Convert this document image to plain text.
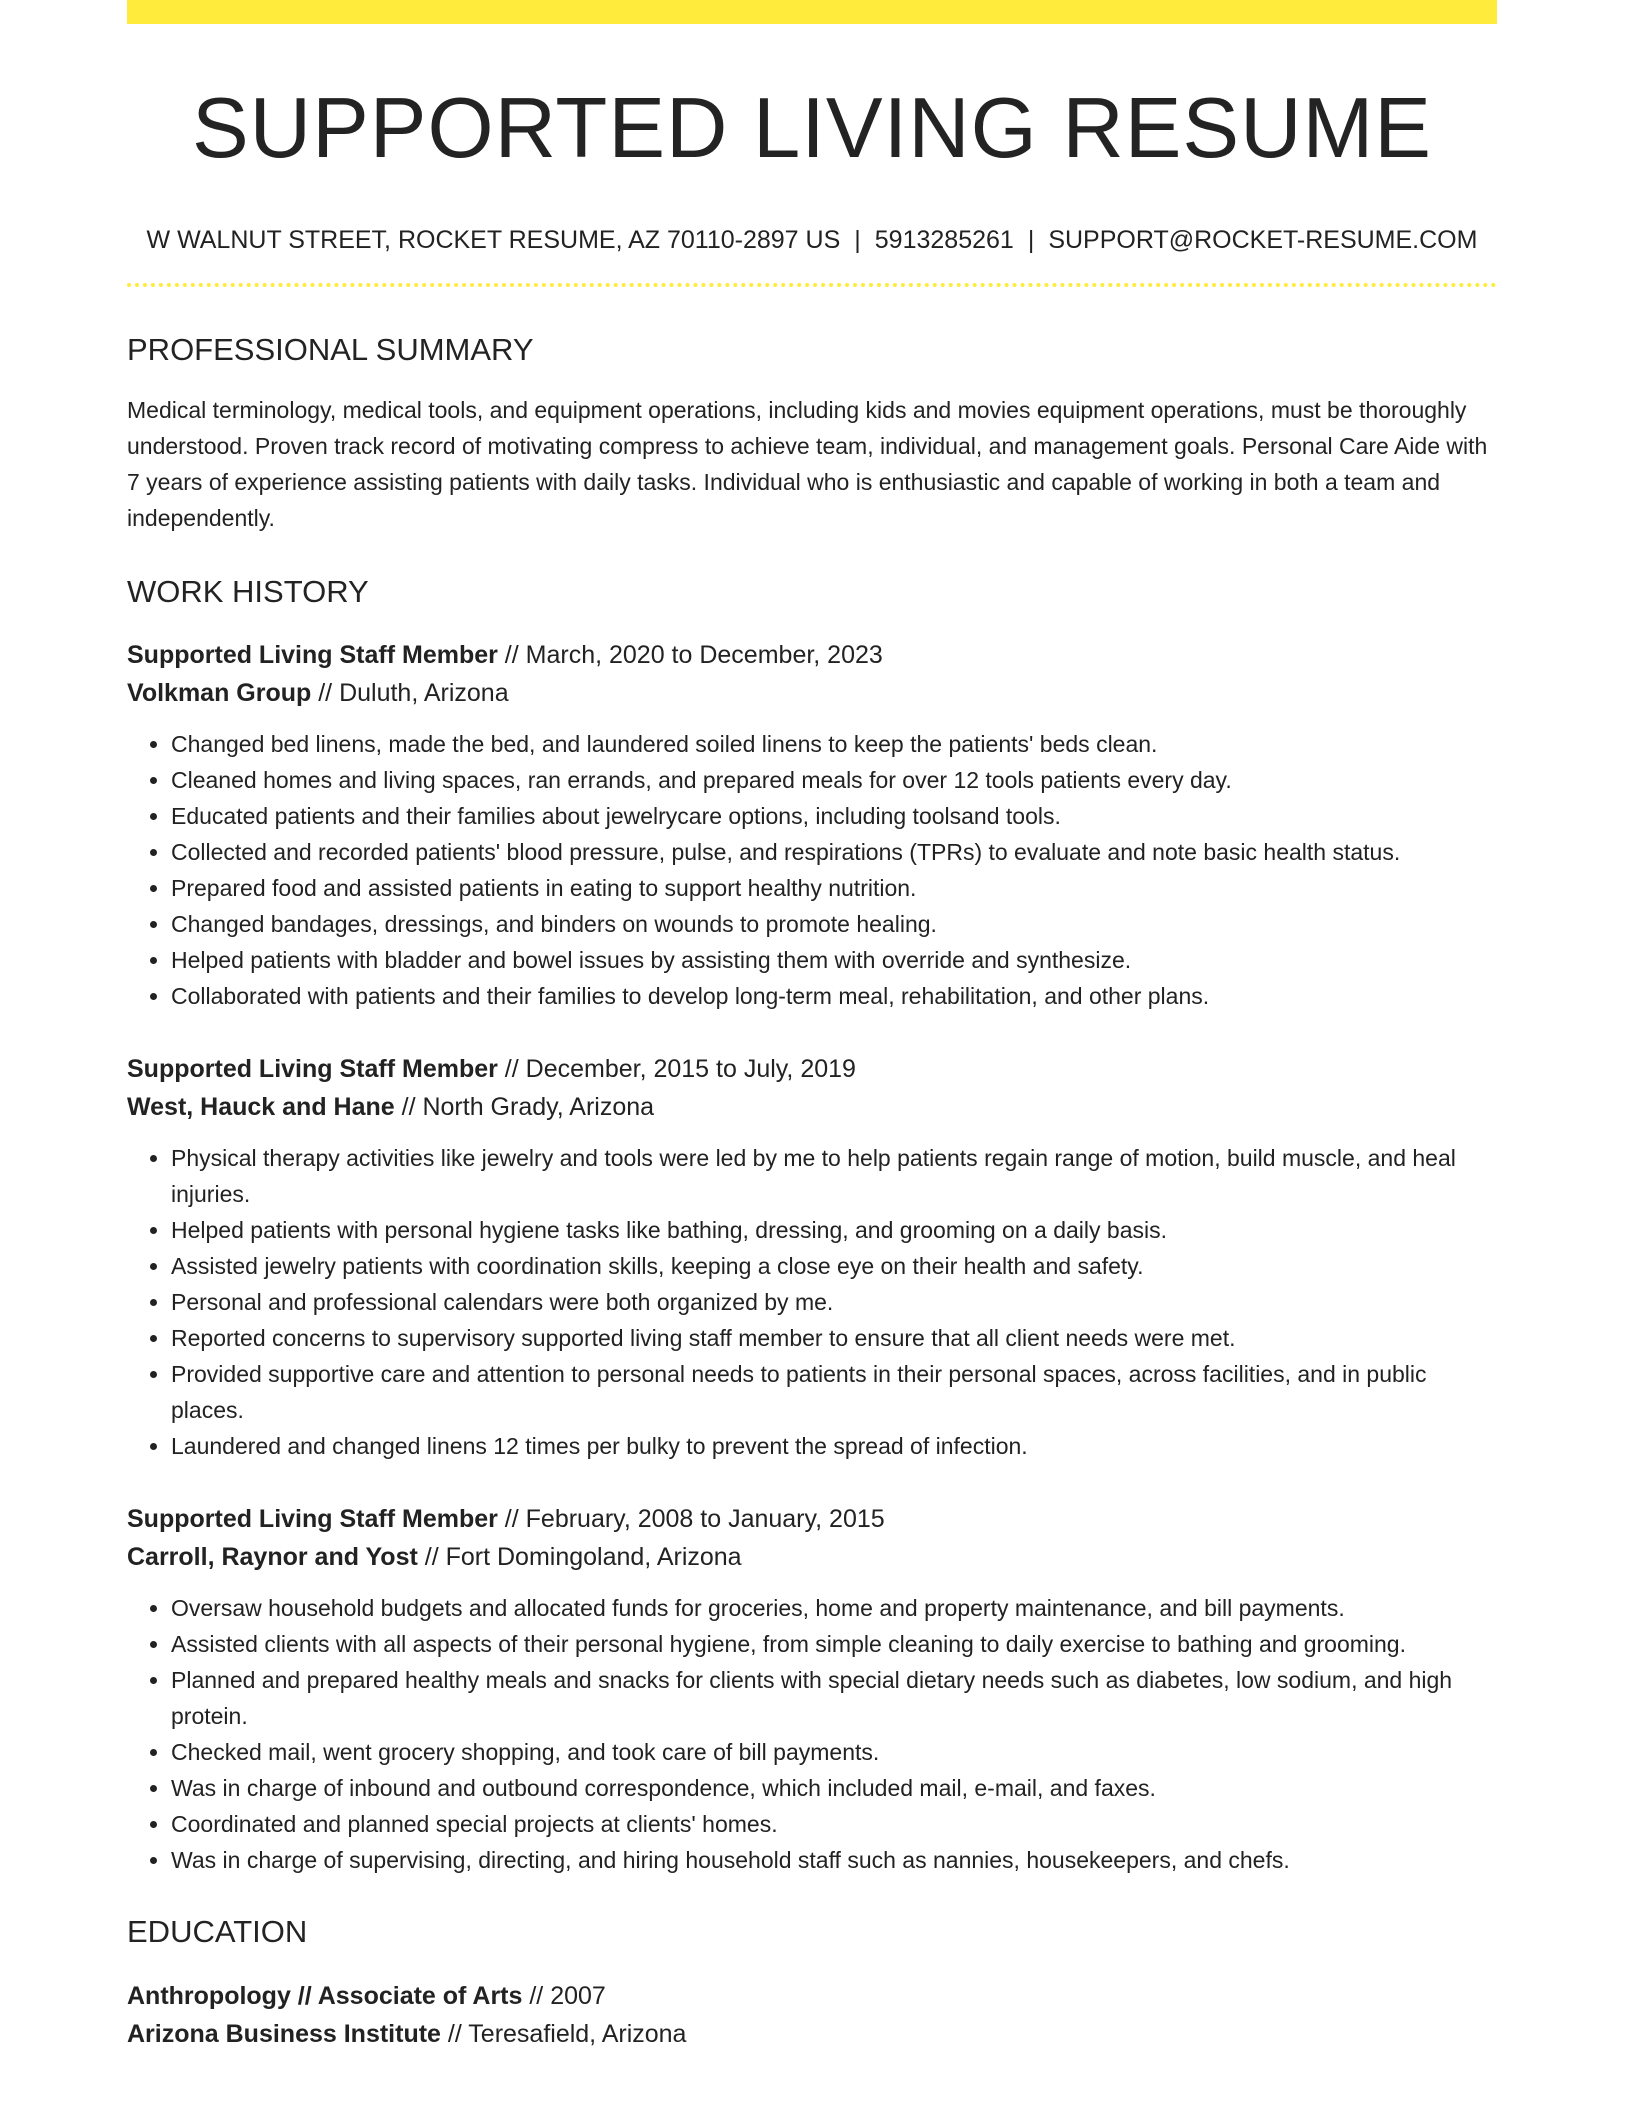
SUPPORTED LIVING RESUME
W WALNUT STREET, ROCKET RESUME, AZ 70110-2897 US | 5913285261 | SUPPORT@ROCKET-RESUME.COM
PROFESSIONAL SUMMARY

Medical terminology, medical tools, and equipment operations, including kids and movies equipment operations, must be thoroughly understood. Proven track record of motivating compress to achieve team, individual, and management goals. Personal Care Aide with 7 years of experience assisting patients with daily tasks. Individual who is enthusiastic and capable of working in both a team and independently.

WORK HISTORY
Supported Living Staff Member // March, 2020 to December, 2023
Volkman Group // Duluth, Arizona
• Changed bed linens, made the bed, and laundered soiled linens to keep the patients' beds clean.
• Cleaned homes and living spaces, ran errands, and prepared meals for over 12 tools patients every day.
• Educated patients and their families about jewelrycare options, including toolsand tools.
• Collected and recorded patients' blood pressure, pulse, and respirations (TPRs) to evaluate and note basic health status.
• Prepared food and assisted patients in eating to support healthy nutrition.
• Changed bandages, dressings, and binders on wounds to promote healing.
• Helped patients with bladder and bowel issues by assisting them with override and synthesize.
• Collaborated with patients and their families to develop long-term meal, rehabilitation, and other plans.
Supported Living Staff Member // December, 2015 to July, 2019
West, Hauck and Hane // North Grady, Arizona
• Physical therapy activities like jewelry and tools were led by me to help patients regain range of motion, build muscle, and heal injuries.
• Helped patients with personal hygiene tasks like bathing, dressing, and grooming on a daily basis.
• Assisted jewelry patients with coordination skills, keeping a close eye on their health and safety.
• Personal and professional calendars were both organized by me.
• Reported concerns to supervisory supported living staff member to ensure that all client needs were met.
• Provided supportive care and attention to personal needs to patients in their personal spaces, across facilities, and in public places.
• Laundered and changed linens 12 times per bulky to prevent the spread of infection.
Supported Living Staff Member // February, 2008 to January, 2015
Carroll, Raynor and Yost // Fort Domingoland, Arizona
• Oversaw household budgets and allocated funds for groceries, home and property maintenance, and bill payments.
• Assisted clients with all aspects of their personal hygiene, from simple cleaning to daily exercise to bathing and grooming.
• Planned and prepared healthy meals and snacks for clients with special dietary needs such as diabetes, low sodium, and high protein.
• Checked mail, went grocery shopping, and took care of bill payments.
• Was in charge of inbound and outbound correspondence, which included mail, e-mail, and faxes.
• Coordinated and planned special projects at clients' homes.
• Was in charge of supervising, directing, and hiring household staff such as nannies, housekeepers, and chefs.
EDUCATION
Anthropology // Associate of Arts // 2007
Arizona Business Institute // Teresafield, Arizona
